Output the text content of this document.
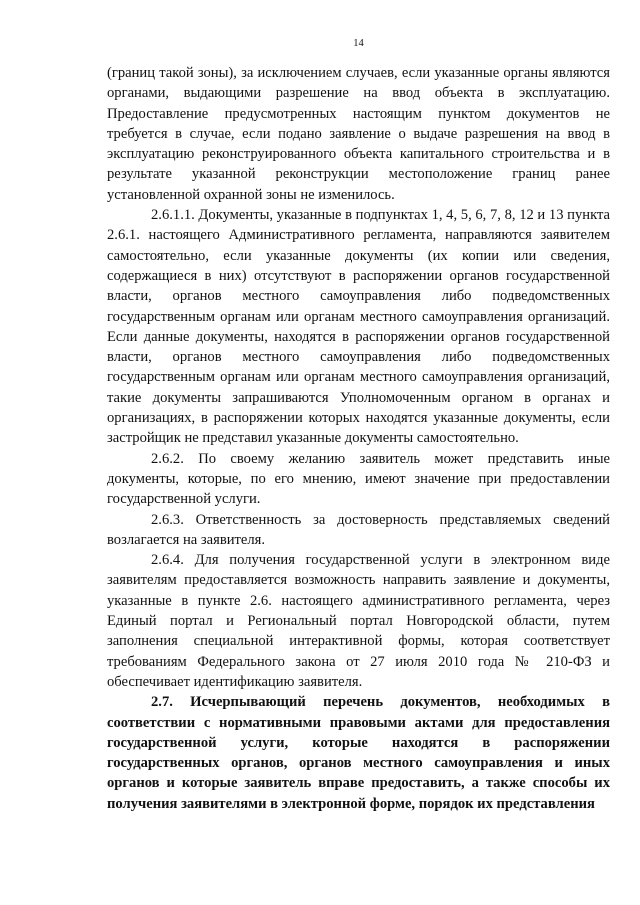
14

(границ такой зоны), за исключением случаев, если указанные органы являются органами, выдающими разрешение на ввод объекта в эксплуатацию. Предоставление предусмотренных настоящим пунктом документов не требуется в случае, если подано заявление о выдаче разрешения на ввод в эксплуатацию реконструированного объекта капитального строительства и в результате указанной реконструкции местоположение границ ранее установленной охранной зоны не изменилось.

2.6.1.1. Документы, указанные в подпунктах 1, 4, 5, 6, 7, 8, 12 и 13 пункта 2.6.1. настоящего Административного регламента, направляются заявителем самостоятельно, если указанные документы (их копии или сведения, содержащиеся в них) отсутствуют в распоряжении органов государственной власти, органов местного самоуправления либо подведомственных государственным органам или органам местного самоуправления организаций. Если данные документы, находятся в распоряжении органов государственной власти, органов местного самоуправления либо подведомственных государственным органам или органам местного самоуправления организаций, такие документы запрашиваются Уполномоченным органом в органах и организациях, в распоряжении которых находятся указанные документы, если застройщик не представил указанные документы самостоятельно.

2.6.2. По своему желанию заявитель может представить иные документы, которые, по его мнению, имеют значение при предоставлении государственной услуги.

2.6.3. Ответственность за достоверность представляемых сведений возлагается на заявителя.

2.6.4. Для получения государственной услуги в электронном виде заявителям предоставляется возможность направить заявление и документы, указанные в пункте 2.6. настоящего административного регламента, через Единый портал и Региональный портал Новгородской области, путем заполнения специальной интерактивной формы, которая соответствует требованиям Федерального закона от 27 июля 2010 года № 210-ФЗ и обеспечивает идентификацию заявителя.

2.7. Исчерпывающий перечень документов, необходимых в соответствии с нормативными правовыми актами для предоставления государственной услуги, которые находятся в распоряжении государственных органов, органов местного самоуправления и иных органов и которые заявитель вправе предоставить, а также способы их получения заявителями в электронной форме, порядок их представления
